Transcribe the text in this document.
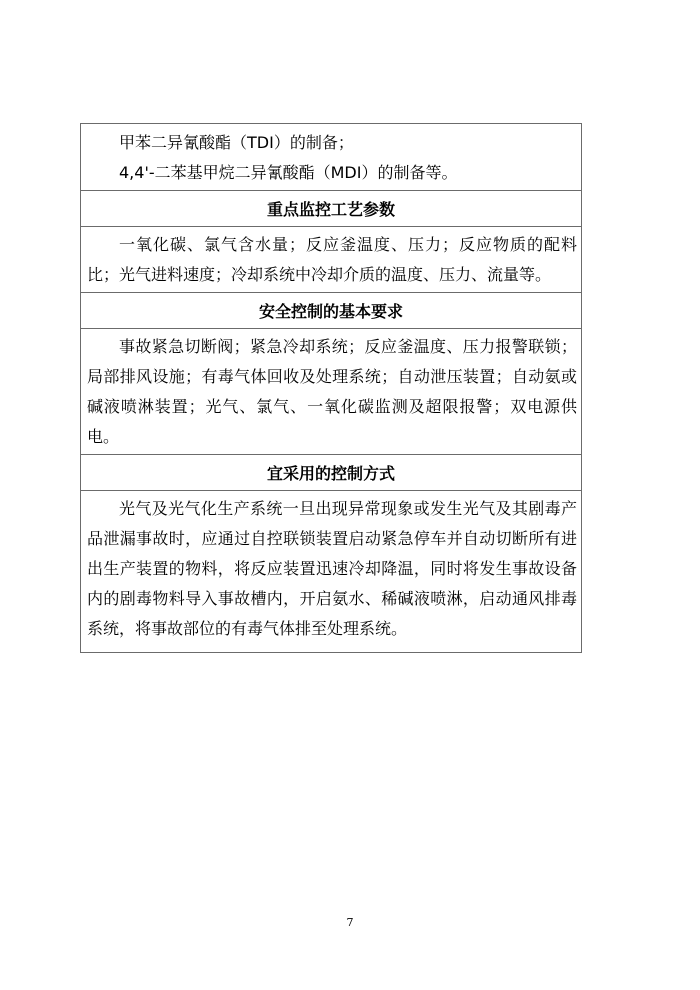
甲苯二异氰酸酯（TDI）的制备；

4,4'-二苯基甲烷二异氰酸酯（MDI）的制备等。

重点监控工艺参数

一氧化碳、氯气含水量；反应釜温度、压力；反应物质的配料比；光气进料速度；冷却系统中冷却介质的温度、压力、流量等。

安全控制的基本要求

事故紧急切断阀；紧急冷却系统；反应釜温度、压力报警联锁；局部排风设施；有毒气体回收及处理系统；自动泄压装置；自动氨或碱液喷淋装置；光气、氯气、一氧化碳监测及超限报警；双电源供电。

宜采用的控制方式

光气及光气化生产系统一旦出现异常现象或发生光气及其剧毒产品泄漏事故时，应通过自控联锁装置启动紧急停车并自动切断所有进出生产装置的物料，将反应装置迅速冷却降温，同时将发生事故设备内的剧毒物料导入事故槽内，开启氨水、稀碱液喷淋，启动通风排毒系统，将事故部位的有毒气体排至处理系统。

7
